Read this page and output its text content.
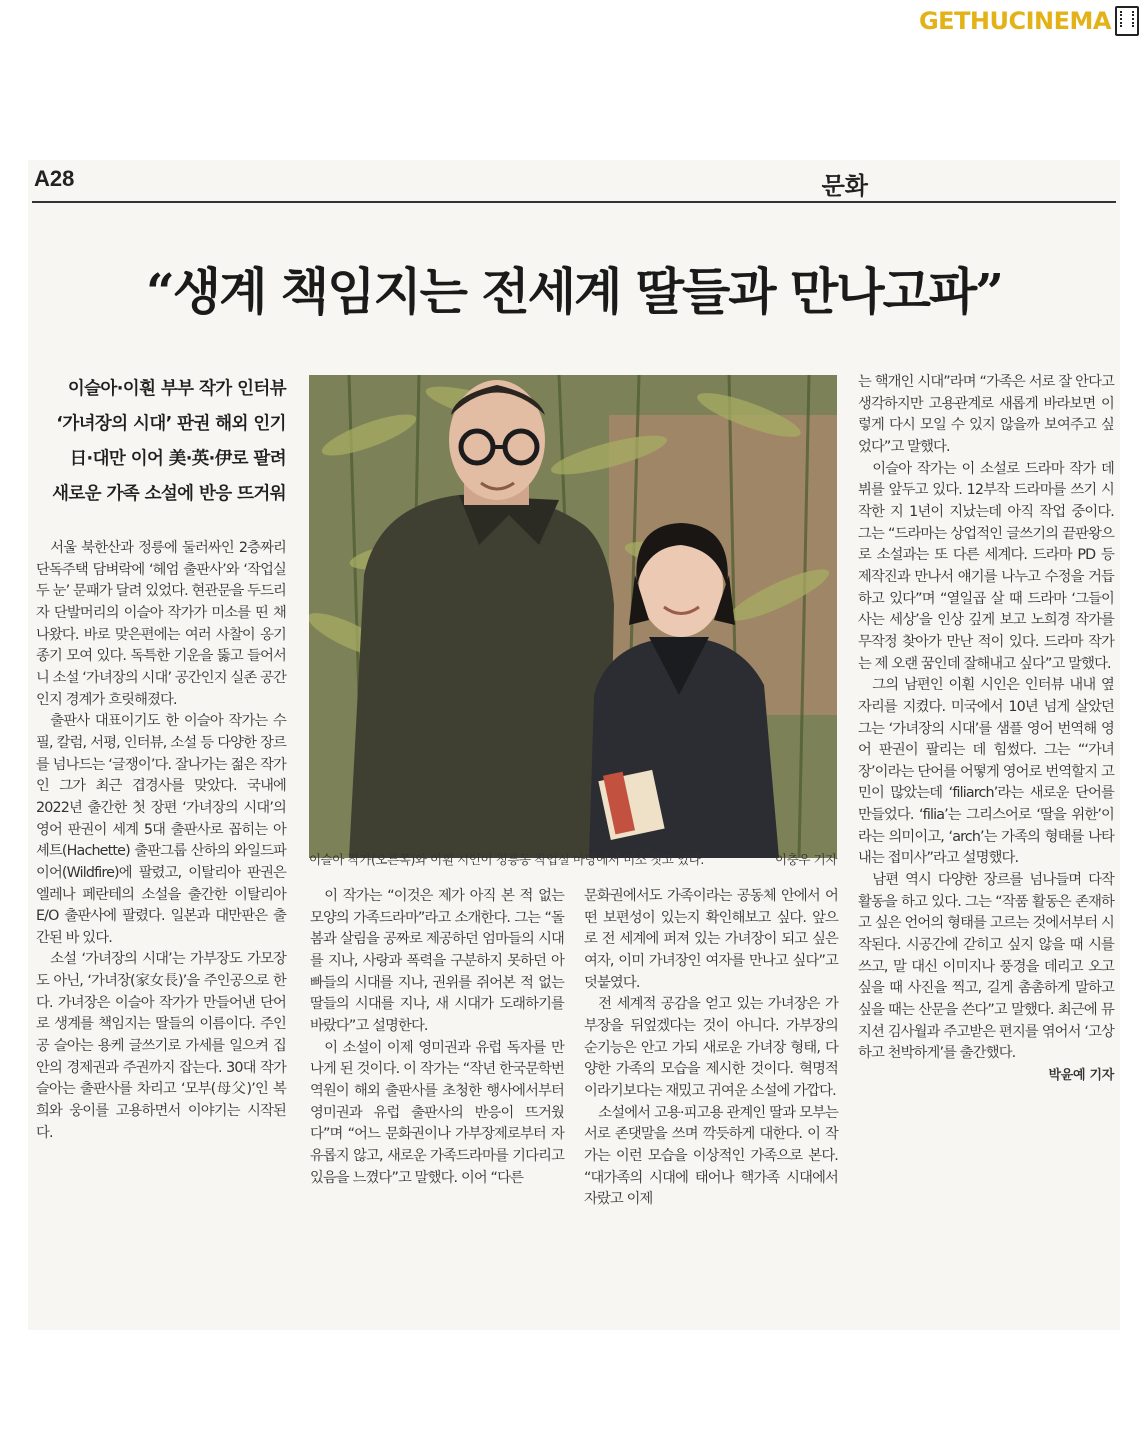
GETHUCINEMA
A28	문화
“생계 책임지는 전세계 딸들과 만나고파”
이슬아·이훤 부부 작가 인터뷰
‘가녀장의 시대’ 판권 해외 인기
日·대만 이어 美·英·伊로 팔려
새로운 가족 소설에 반응 뜨거워
이슬아 작가(오른쪽)와 이훤 시인이 정릉동 작업실 마당에서 미소 짓고 있다.	이충우 기자

서울 북한산과 정릉에 둘러싸인 2층짜리 단독주택 담벼락에 ‘헤엄 출판사’와 ‘작업실 두 눈’ 문패가 달려 있었다. 현관문을 두드리자 단발머리의 이슬아 작가가 미소를 띤 채 나왔다. 바로 맞은편에는 여러 사찰이 옹기종기 모여 있다. 독특한 기운을 뚫고 들어서니 소설 ‘가녀장의 시대’ 공간인지 실존 공간인지 경계가 흐릿해졌다.

출판사 대표이기도 한 이슬아 작가는 수필, 칼럼, 서평, 인터뷰, 소설 등 다양한 장르를 넘나드는 ‘글쟁이’다. 잘나가는 젊은 작가인 그가 최근 겹경사를 맞았다. 국내에 2022년 출간한 첫 장편 ‘가녀장의 시대’의 영어 판권이 세계 5대 출판사로 꼽히는 아셰트(Hachette) 출판그룹 산하의 와일드파이어(Wildfire)에 팔렸고, 이탈리아 판권은 엘레나 페란테의 소설을 출간한 이탈리아 E/O 출판사에 팔렸다. 일본과 대만판은 출간된 바 있다.

소설 ‘가녀장의 시대’는 가부장도 가모장도 아닌, ‘가녀장(家女長)’을 주인공으로 한다. 가녀장은 이슬아 작가가 만들어낸 단어로 생계를 책임지는 딸들의 이름이다. 주인공 슬아는 용케 글쓰기로 가세를 일으켜 집안의 경제권과 주권까지 잡는다. 30대 작가 슬아는 출판사를 차리고 ‘모부(母父)’인 복희와 웅이를 고용하면서 이야기는 시작된다.

이 작가는 “이것은 제가 아직 본 적 없는 모양의 가족드라마”라고 소개한다. 그는 “돌봄과 살림을 공짜로 제공하던 엄마들의 시대를 지나, 사랑과 폭력을 구분하지 못하던 아빠들의 시대를 지나, 권위를 쥐어본 적 없는 딸들의 시대를 지나, 새 시대가 도래하기를 바랐다”고 설명한다.

이 소설이 이제 영미권과 유럽 독자를 만나게 된 것이다. 이 작가는 “작년 한국문학번역원이 해외 출판사를 초청한 행사에서부터 영미권과 유럽 출판사의 반응이 뜨거웠다”며 “어느 문화권이나 가부장제로부터 자유롭지 않고, 새로운 가족드라마를 기다리고 있음을 느꼈다”고 말했다. 이어 “다른

문화권에서도 가족이라는 공동체 안에서 어떤 보편성이 있는지 확인해보고 싶다. 앞으로 전 세계에 퍼져 있는 가녀장이 되고 싶은 여자, 이미 가녀장인 여자를 만나고 싶다”고 덧붙였다.

전 세계적 공감을 얻고 있는 가녀장은 가부장을 뒤엎겠다는 것이 아니다. 가부장의 순기능은 안고 가되 새로운 가녀장 형태, 다양한 가족의 모습을 제시한 것이다. 혁명적이라기보다는 재밌고 귀여운 소설에 가깝다.

소설에서 고용·피고용 관계인 딸과 모부는 서로 존댓말을 쓰며 깍듯하게 대한다. 이 작가는 이런 모습을 이상적인 가족으로 본다. “대가족의 시대에 태어나 핵가족 시대에서 자랐고 이제

는 핵개인 시대”라며 “가족은 서로 잘 안다고 생각하지만 고용관계로 새롭게 바라보면 이렇게 다시 모일 수 있지 않을까 보여주고 싶었다”고 말했다.

이슬아 작가는 이 소설로 드라마 작가 데뷔를 앞두고 있다. 12부작 드라마를 쓰기 시작한 지 1년이 지났는데 아직 작업 중이다. 그는 “드라마는 상업적인 글쓰기의 끝판왕으로 소설과는 또 다른 세계다. 드라마 PD 등 제작진과 만나서 얘기를 나누고 수정을 거듭하고 있다”며 “열일곱 살 때 드라마 ‘그들이 사는 세상’을 인상 깊게 보고 노희경 작가를 무작정 찾아가 만난 적이 있다. 드라마 작가는 제 오랜 꿈인데 잘해내고 싶다”고 말했다.

그의 남편인 이훤 시인은 인터뷰 내내 옆자리를 지켰다. 미국에서 10년 넘게 살았던 그는 ‘가녀장의 시대’를 샘플 영어 번역해 영어 판권이 팔리는 데 힘썼다. 그는 “‘가녀장’이라는 단어를 어떻게 영어로 번역할지 고민이 많았는데 ‘filiarch’라는 새로운 단어를 만들었다. ‘filia’는 그리스어로 ‘딸을 위한’이라는 의미이고, ‘arch’는 가족의 형태를 나타내는 접미사”라고 설명했다.

남편 역시 다양한 장르를 넘나들며 다작 활동을 하고 있다. 그는 “작품 활동은 존재하고 싶은 언어의 형태를 고르는 것에서부터 시작된다. 시공간에 갇히고 싶지 않을 때 시를 쓰고, 말 대신 이미지나 풍경을 데리고 오고 싶을 때 사진을 찍고, 길게 촘촘하게 말하고 싶을 때는 산문을 쓴다”고 말했다. 최근에 뮤지션 김사월과 주고받은 편지를 엮어서 ‘고상하고 천박하게’를 출간했다.

박윤예 기자
